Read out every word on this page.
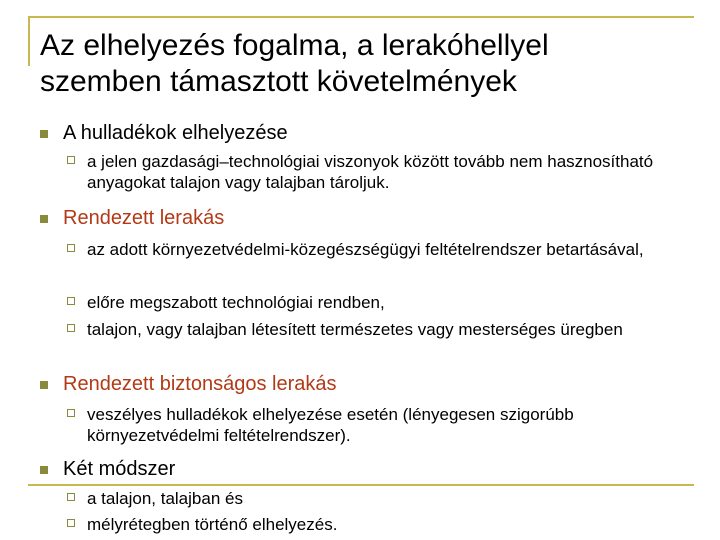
Az elhelyezés fogalma, a lerakóhellyel
szemben támasztott követelmények
A hulladékok elhelyezése
a jelen gazdasági–technológiai viszonyok között tovább nem hasznosítható anyagokat talajon vagy talajban tároljuk.
Rendezett lerakás
az adott környezetvédelmi-közegészségügyi feltételrendszer betartásával,
előre megszabott technológiai rendben,
talajon, vagy talajban létesített természetes vagy mesterséges üregben
Rendezett biztonságos lerakás
veszélyes hulladékok elhelyezése esetén (lényegesen szigorúbb környezetvédelmi feltételrendszer).
Két módszer
a talajon, talajban és
mélyrétegben történő elhelyezés.
